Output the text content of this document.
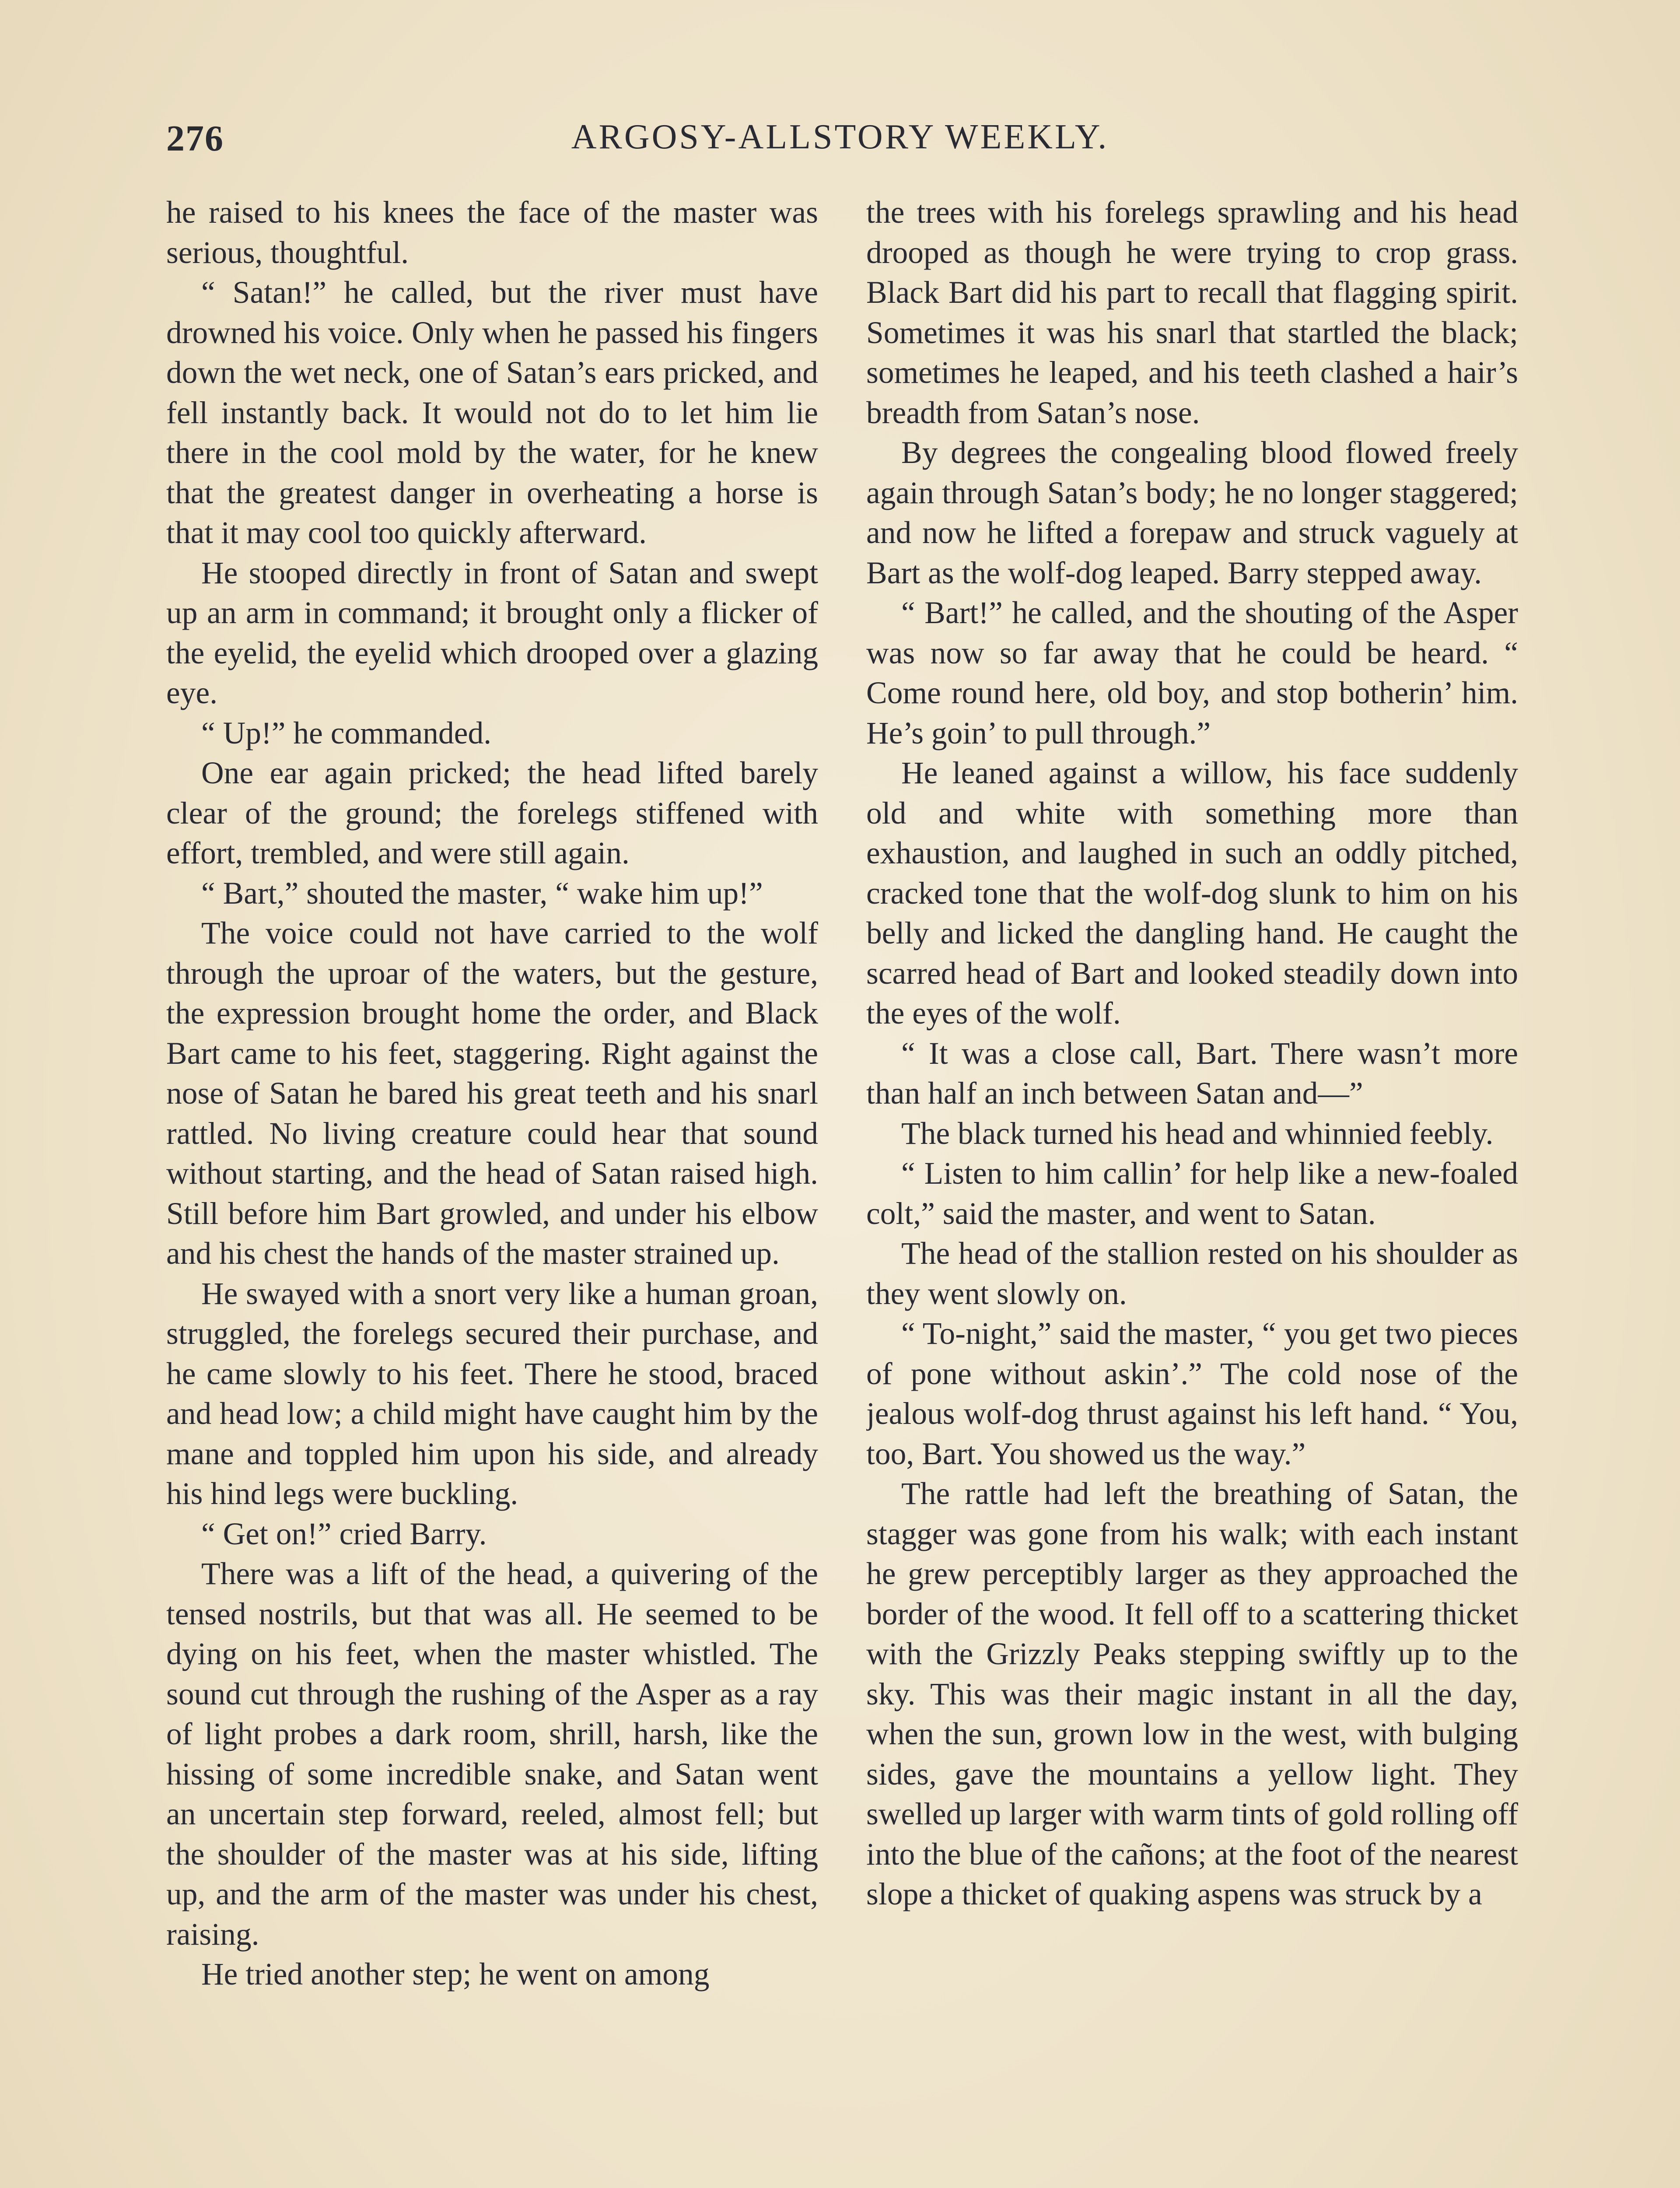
276	ARGOSY-ALLSTORY WEEKLY.

he raised to his knees the face of the master was serious, thoughtful.

“ Satan!” he called, but the river must have drowned his voice. Only when he passed his fingers down the wet neck, one of Satan’s ears pricked, and fell instantly back. It would not do to let him lie there in the cool mold by the water, for he knew that the greatest danger in overheating a horse is that it may cool too quickly afterward.

He stooped directly in front of Satan and swept up an arm in command; it brought only a flicker of the eyelid, the eyelid which drooped over a glazing eye.

“ Up!” he commanded.

One ear again pricked; the head lifted barely clear of the ground; the forelegs stiffened with effort, trembled, and were still again.

“ Bart,” shouted the master, “ wake him up!”

The voice could not have carried to the wolf through the uproar of the waters, but the gesture, the expression brought home the order, and Black Bart came to his feet, staggering. Right against the nose of Satan he bared his great teeth and his snarl rattled. No living creature could hear that sound without starting, and the head of Satan raised high. Still before him Bart growled, and under his elbow and his chest the hands of the master strained up.

He swayed with a snort very like a human groan, struggled, the forelegs secured their purchase, and he came slowly to his feet. There he stood, braced and head low; a child might have caught him by the mane and toppled him upon his side, and already his hind legs were buckling.

“ Get on!” cried Barry.

There was a lift of the head, a quivering of the tensed nostrils, but that was all. He seemed to be dying on his feet, when the master whistled. The sound cut through the rushing of the Asper as a ray of light probes a dark room, shrill, harsh, like the hissing of some incredible snake, and Satan went an uncertain step forward, reeled, almost fell; but the shoulder of the master was at his side, lifting up, and the arm of the master was under his chest, raising.

He tried another step; he went on among

the trees with his forelegs sprawling and his head drooped as though he were trying to crop grass. Black Bart did his part to recall that flagging spirit. Sometimes it was his snarl that startled the black; sometimes he leaped, and his teeth clashed a hair’s breadth from Satan’s nose.

By degrees the congealing blood flowed freely again through Satan’s body; he no longer staggered; and now he lifted a forepaw and struck vaguely at Bart as the wolf-dog leaped. Barry stepped away.

“ Bart!” he called, and the shouting of the Asper was now so far away that he could be heard. “ Come round here, old boy, and stop botherin’ him. He’s goin’ to pull through.”

He leaned against a willow, his face suddenly old and white with something more than exhaustion, and laughed in such an oddly pitched, cracked tone that the wolf-dog slunk to him on his belly and licked the dangling hand. He caught the scarred head of Bart and looked steadily down into the eyes of the wolf.

“ It was a close call, Bart. There wasn’t more than half an inch between Satan and—”

The black turned his head and whinnied feebly.

“ Listen to him callin’ for help like a new-foaled colt,” said the master, and went to Satan.

The head of the stallion rested on his shoulder as they went slowly on.

“ To-night,” said the master, “ you get two pieces of pone without askin’.” The cold nose of the jealous wolf-dog thrust against his left hand. “ You, too, Bart. You showed us the way.”

The rattle had left the breathing of Satan, the stagger was gone from his walk; with each instant he grew perceptibly larger as they approached the border of the wood. It fell off to a scattering thicket with the Grizzly Peaks stepping swiftly up to the sky. This was their magic instant in all the day, when the sun, grown low in the west, with bulging sides, gave the mountains a yellow light. They swelled up larger with warm tints of gold rolling off into the blue of the cañons; at the foot of the nearest slope a thicket of quaking aspens was struck by a
